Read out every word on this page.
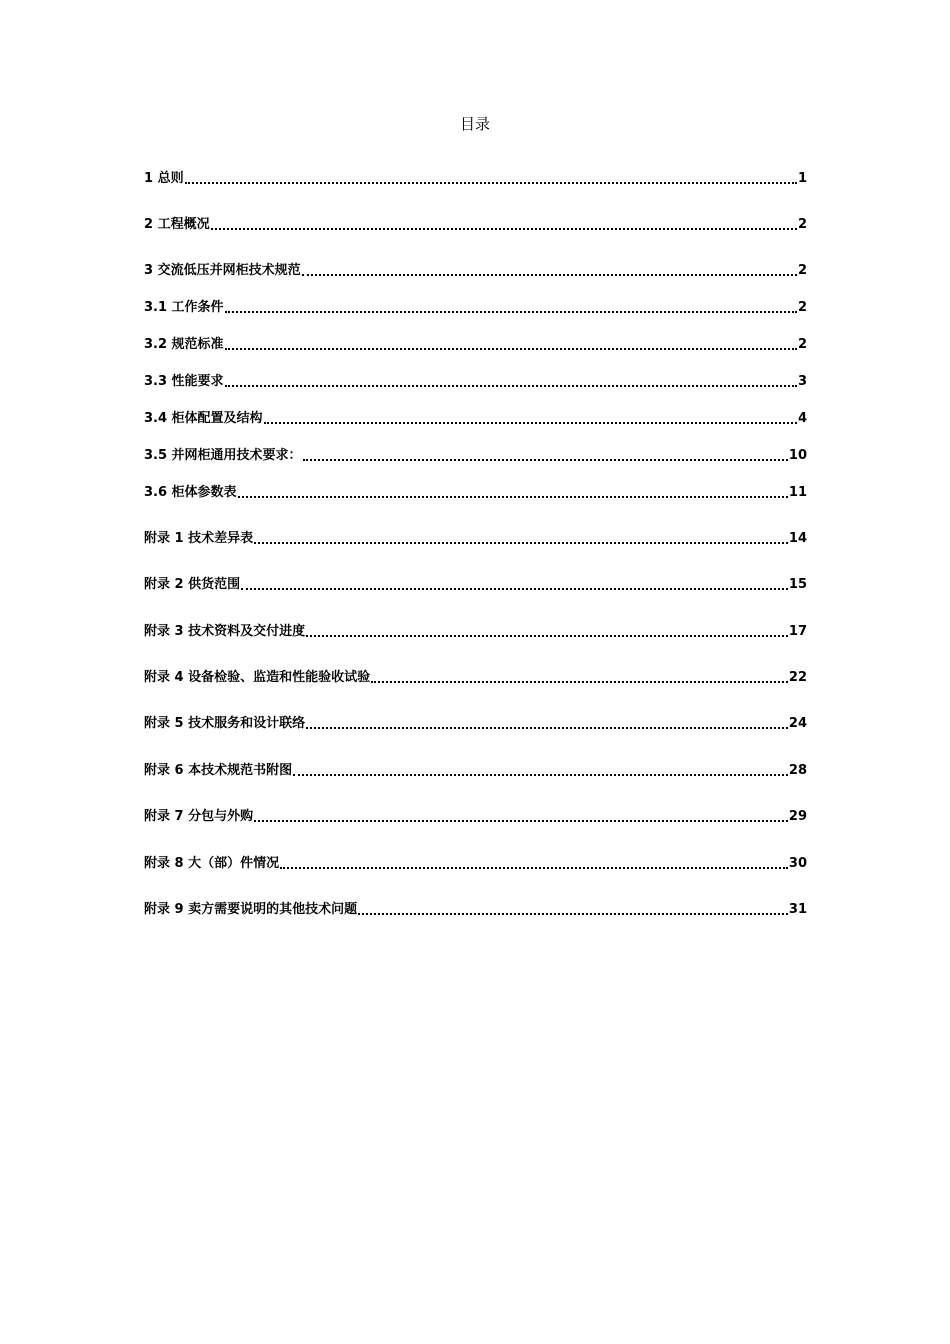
目录
1 总则	1
2 工程概况	2
3 交流低压并网柜技术规范	2
3.1 工作条件	2
3.2 规范标准	2
3.3 性能要求	3
3.4 柜体配置及结构	4
3.5 并网柜通用技术要求：	10
3.6 柜体参数表	11
附录 1 技术差异表	14
附录 2 供货范围	15
附录 3 技术资料及交付进度	17
附录 4 设备检验、监造和性能验收试验	22
附录 5 技术服务和设计联络	24
附录 6 本技术规范书附图	28
附录 7 分包与外购	29
附录 8 大（部）件情况	30
附录 9 卖方需要说明的其他技术问题	31
